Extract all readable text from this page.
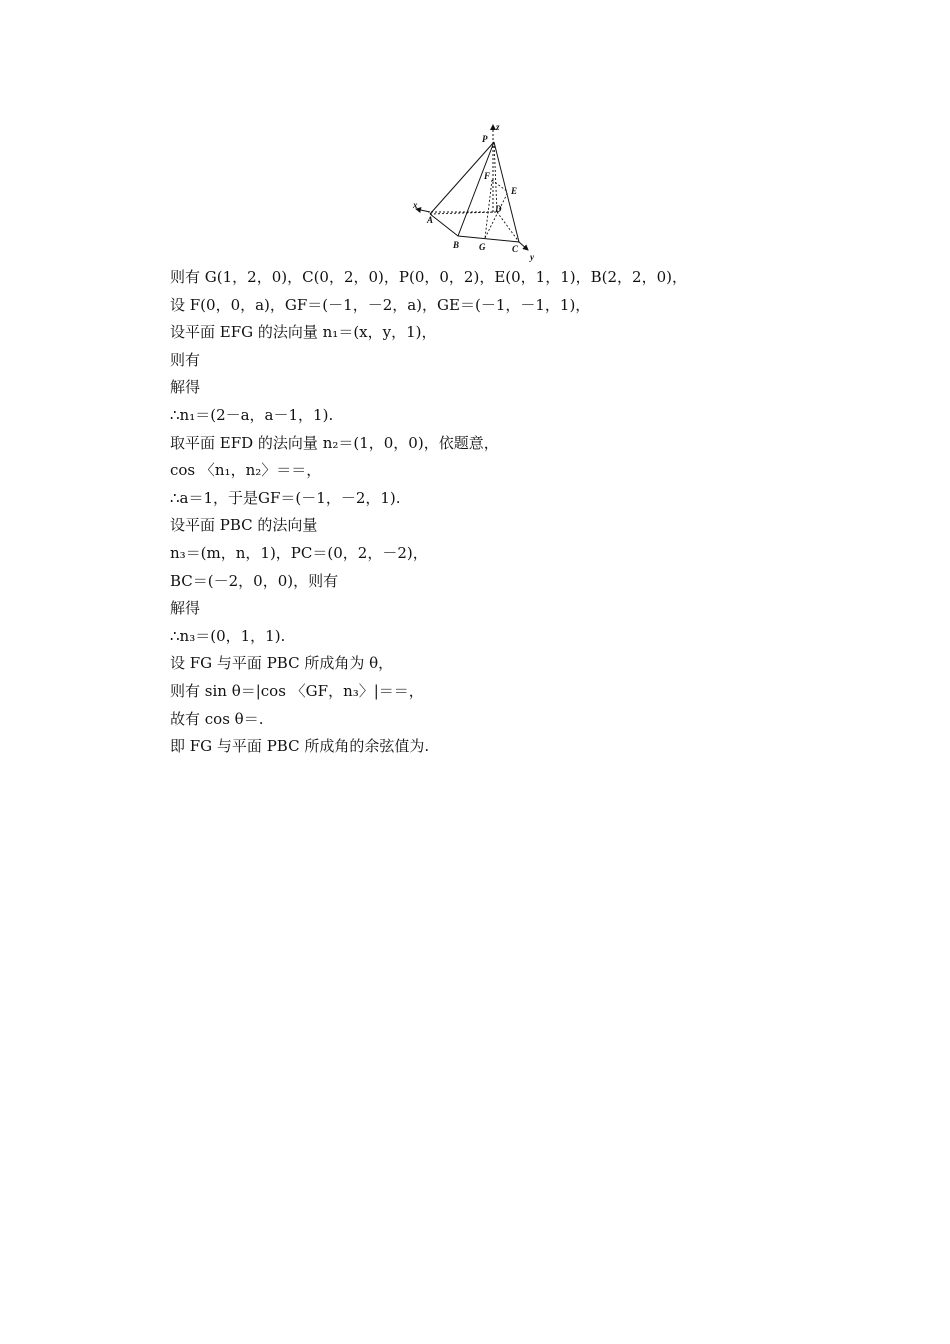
P
z
F
E
x
A
D
B G	C
y
则有 G(1，2，0)，C(0，2，0)，P(0，0，2)，E(0，1，1)，B(2，2，0)，
设 F(0，0，a)，GF＝(－1，－2，a)，GE＝(－1，－1，1)，
设平面 EFG 的法向量 n₁＝(x，y，1)，
则有
解得
∴n₁＝(2－a，a－1，1).
取平面 EFD 的法向量 n₂＝(1，0，0)，依题意，
cos 〈n₁，n₂〉＝＝，
∴a＝1，于是GF＝(－1，－2，1).
设平面 PBC 的法向量
n₃＝(m，n，1)，PC＝(0，2，－2)，
BC＝(－2，0，0)，则有
解得
∴n₃＝(0，1，1).
设 FG 与平面 PBC 所成角为 θ，
则有 sin θ＝|cos 〈GF，n₃〉|＝＝，
故有 cos θ＝.
即 FG 与平面 PBC 所成角的余弦值为.
